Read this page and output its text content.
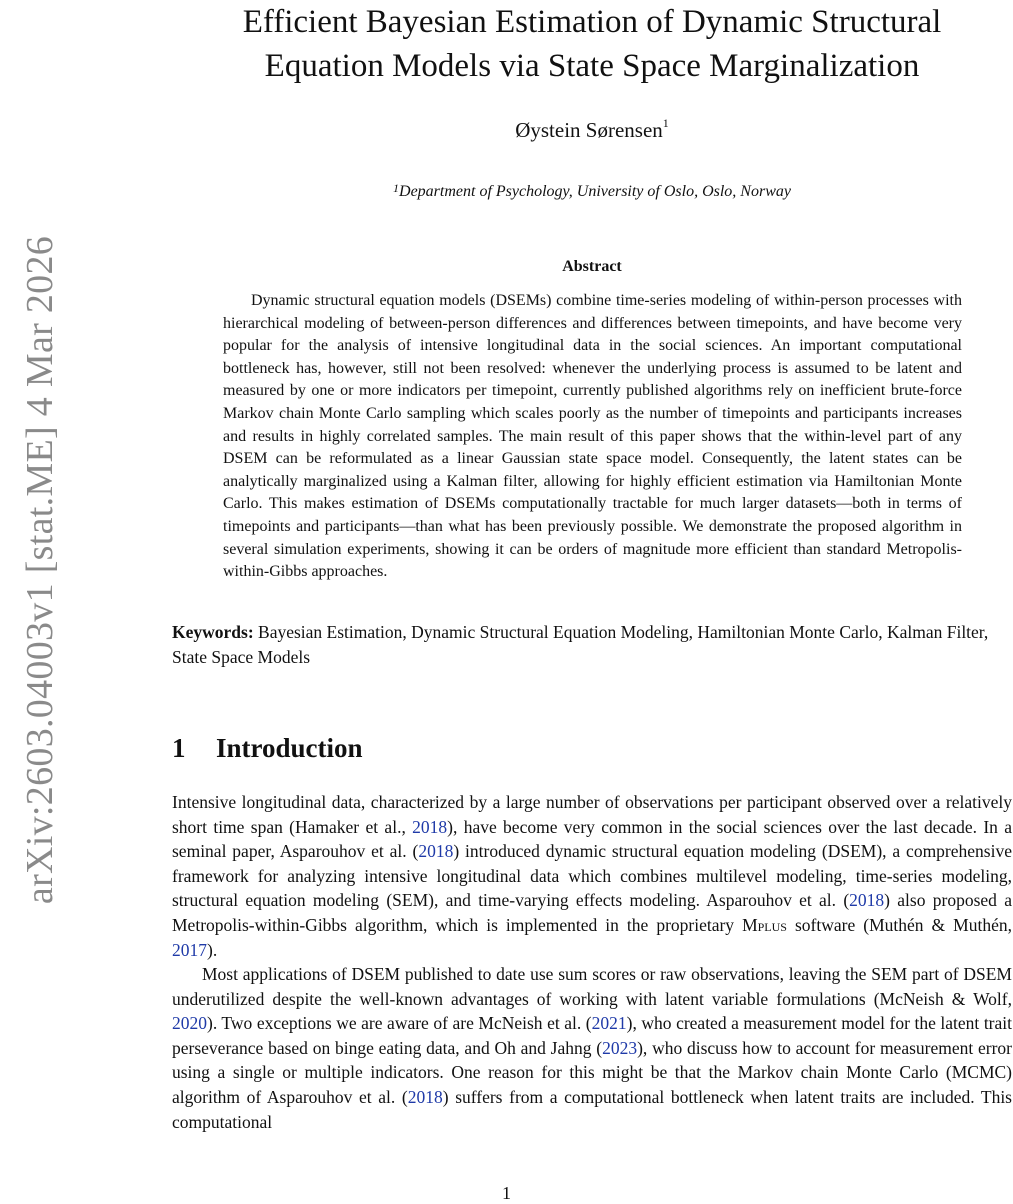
arXiv:2603.04003v1 [stat.ME] 4 Mar 2026
Efficient Bayesian Estimation of Dynamic Structural
Equation Models via State Space Marginalization
Øystein Sørensen$^1$
$^1$Department of Psychology, University of Oslo, Oslo, Norway
Abstract

Dynamic structural equation models (DSEMs) combine time-series modeling of within-person processes with hierarchical modeling of between-person differences and differences between timepoints, and have become very popular for the analysis of intensive longitudinal data in the social sciences. An important computational bottleneck has, however, still not been resolved: whenever the underlying process is assumed to be latent and measured by one or more indicators per timepoint, currently published algorithms rely on inefficient brute-force Markov chain Monte Carlo sampling which scales poorly as the number of timepoints and participants increases and results in highly correlated samples. The main result of this paper shows that the within-level part of any DSEM can be reformulated as a linear Gaussian state space model. Consequently, the latent states can be analytically marginalized using a Kalman filter, allowing for highly efficient estimation via Hamiltonian Monte Carlo. This makes estimation of DSEMs computationally tractable for much larger datasets—both in terms of timepoints and participants—than what has been previously possible. We demonstrate the proposed algorithm in several simulation experiments, showing it can be orders of magnitude more efficient than standard Metropolis-within-Gibbs approaches.

Keywords: Bayesian Estimation, Dynamic Structural Equation Modeling, Hamiltonian Monte Carlo, Kalman Filter, State Space Models

1 Introduction

Intensive longitudinal data, characterized by a large number of observations per participant observed over a relatively short time span (Hamaker et al., 2018), have become very common in the social sciences over the last decade. In a seminal paper, Asparouhov et al. (2018) introduced dynamic structural equation modeling (DSEM), a comprehensive framework for analyzing intensive longitudinal data which combines multilevel modeling, time-series modeling, structural equation modeling (SEM), and time-varying effects modeling. Asparouhov et al. (2018) also proposed a Metropolis-within-Gibbs algorithm, which is implemented in the proprietary Mplus software (Muthén & Muthén, 2017).

Most applications of DSEM published to date use sum scores or raw observations, leaving the SEM part of DSEM underutilized despite the well-known advantages of working with latent variable formulations (McNeish & Wolf, 2020). Two exceptions we are aware of are McNeish et al. (2021), who created a measurement model for the latent trait perseverance based on binge eating data, and Oh and Jahng (2023), who discuss how to account for measurement error using a single or multiple indicators. One reason for this might be that the Markov chain Monte Carlo (MCMC) algorithm of Asparouhov et al. (2018) suffers from a computational bottleneck when latent traits are included. This computational

1
